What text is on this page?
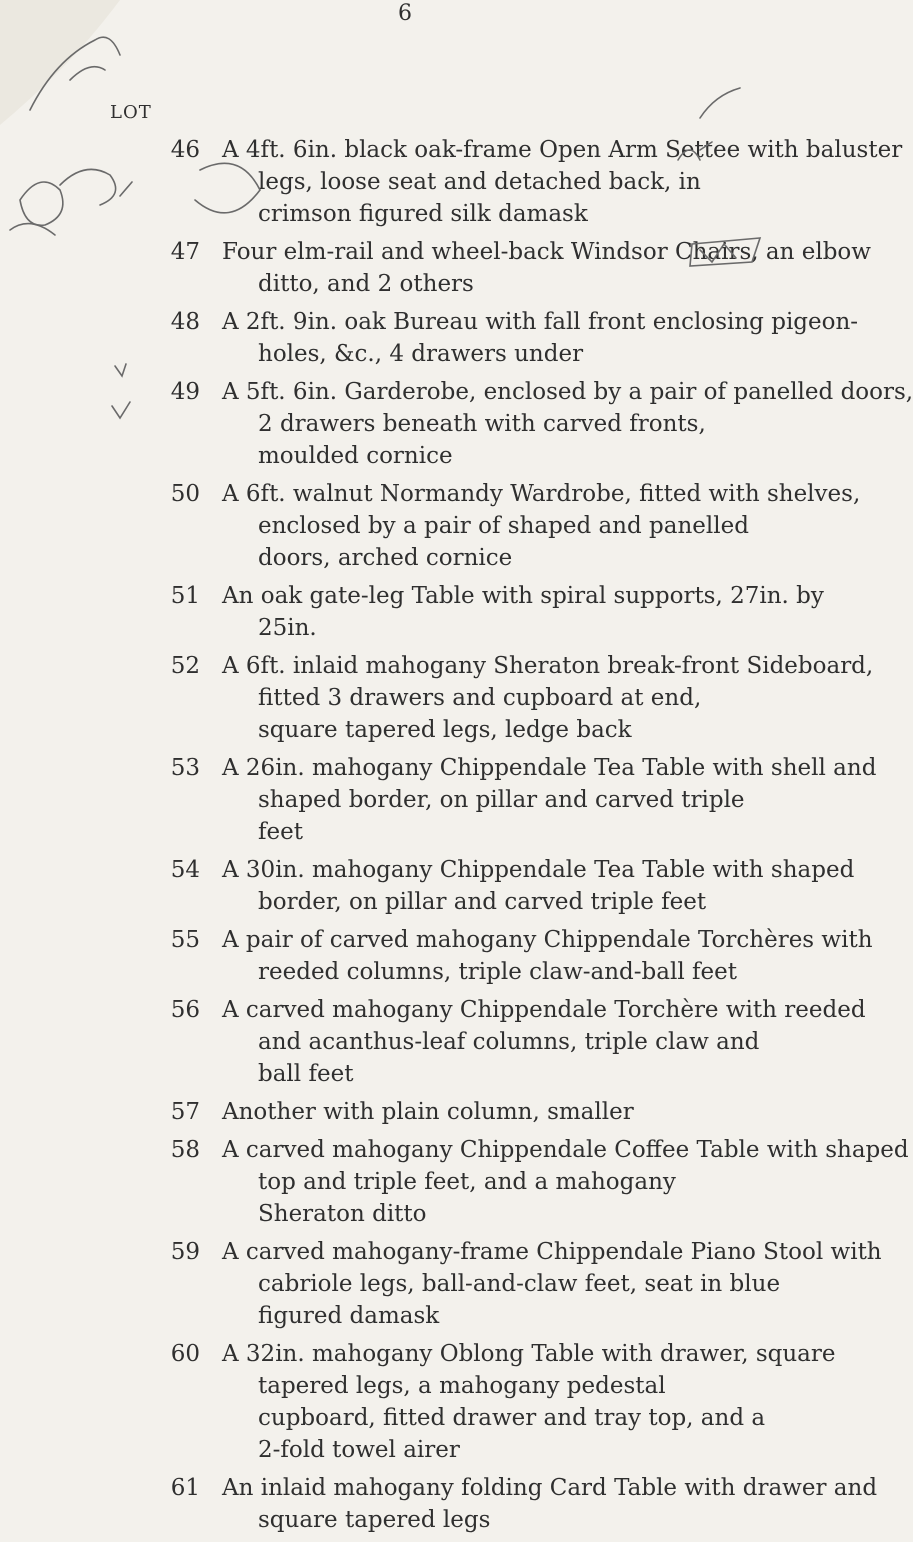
6
LOT
46 A 4ft. 6in. black oak-frame Open Arm Settee with baluster
legs, loose seat and detached back, in crimson figured silk damask
47 Four elm-rail and wheel-back Windsor Chairs, an elbow
ditto, and 2 others
48 A 2ft. 9in. oak Bureau with fall front enclosing pigeon-
holes, &c., 4 drawers under
49 A 5ft. 6in. Garderobe, enclosed by a pair of panelled doors,
2 drawers beneath with carved fronts, moulded cornice
50 A 6ft. walnut Normandy Wardrobe, fitted with shelves,
enclosed by a pair of shaped and panelled doors, arched cornice
51 An oak gate-leg Table with spiral supports, 27in. by
25in.
52 A 6ft. inlaid mahogany Sheraton break-front Sideboard,
fitted 3 drawers and cupboard at end, square tapered legs, ledge back
53 A 26in. mahogany Chippendale Tea Table with shell and
shaped border, on pillar and carved triple feet
54 A 30in. mahogany Chippendale Tea Table with shaped
border, on pillar and carved triple feet
55 A pair of carved mahogany Chippendale Torchères with
reeded columns, triple claw-and-ball feet
56 A carved mahogany Chippendale Torchère with reeded
and acanthus-leaf columns, triple claw and ball feet
57 Another with plain column, smaller
58 A carved mahogany Chippendale Coffee Table with shaped
top and triple feet, and a mahogany Sheraton ditto
59 A carved mahogany-frame Chippendale Piano Stool with
cabriole legs, ball-and-claw feet, seat in blue figured damask
60 A 32in. mahogany Oblong Table with drawer, square
tapered legs, a mahogany pedestal cupboard, fitted drawer and tray top, and a 2-fold towel airer
61 An inlaid mahogany folding Card Table with drawer and
square tapered legs
